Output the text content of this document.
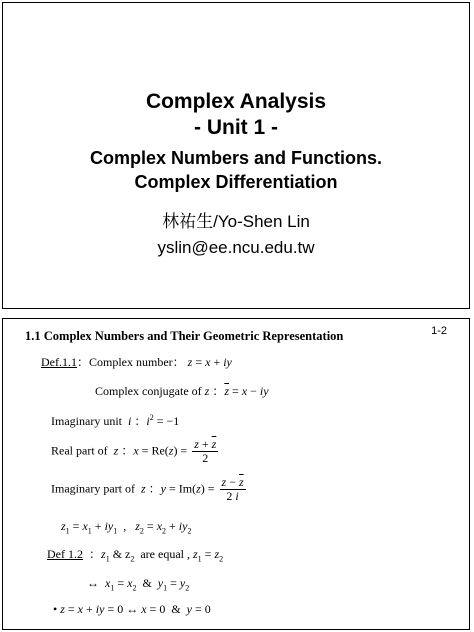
Complex Analysis
- Unit 1 -
Complex Numbers and Functions.
Complex Differentiation
林祐生/Yo-Shen Lin
yslin@ee.ncu.edu.tw
1-2
1.1 Complex Numbers and Their Geometric Representation
Def.1.1：Complex number： z = x + iy
Complex conjugate of z ：$\overline{z} = x$ − iy
Imaginary unit i ：$i^2 = -1$
Real part of z ：$x = Re(z) = \frac{z + \overline{z}}{2}$
Imaginary part of z ：$y = Im(z) = \frac{z - \overline{z}}{2 i}$
$z_1 = x_1 + iy_1$  ,   $z_2 = x_2 + iy_2$
Def 1.2  ：$z_1$ & $z_2$ are equal , $z_1 = z_2$
↔  $x_1 = x_2$  &  $y_1 = y_2$
• z = x + iy = 0 ↔ x = 0  &  y = 0
